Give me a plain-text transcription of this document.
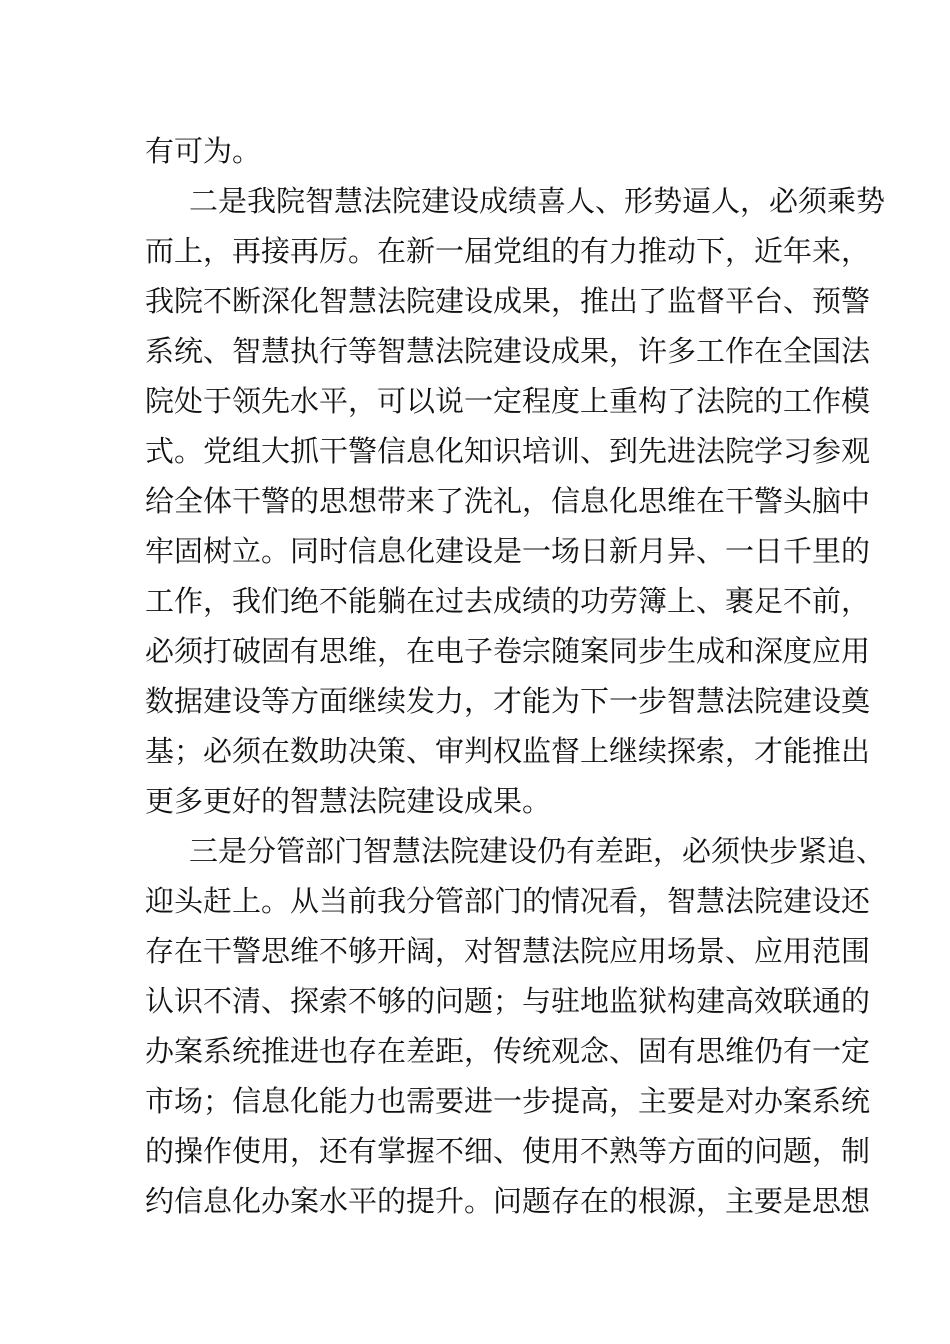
有可为。
二是我院智慧法院建设成绩喜人、形势逼人，必须乘势
而上，再接再厉。在新一届党组的有力推动下，近年来，
我院不断深化智慧法院建设成果，推出了监督平台、预警
系统、智慧执行等智慧法院建设成果，许多工作在全国法
院处于领先水平，可以说一定程度上重构了法院的工作模
式。党组大抓干警信息化知识培训、到先进法院学习参观
给全体干警的思想带来了洗礼，信息化思维在干警头脑中
牢固树立。同时信息化建设是一场日新月异、一日千里的
工作，我们绝不能躺在过去成绩的功劳簿上、裹足不前，
必须打破固有思维，在电子卷宗随案同步生成和深度应用
数据建设等方面继续发力，才能为下一步智慧法院建设奠
基；必须在数助决策、审判权监督上继续探索，才能推出
更多更好的智慧法院建设成果。
三是分管部门智慧法院建设仍有差距，必须快步紧追、
迎头赶上。从当前我分管部门的情况看，智慧法院建设还
存在干警思维不够开阔，对智慧法院应用场景、应用范围
认识不清、探索不够的问题；与驻地监狱构建高效联通的
办案系统推进也存在差距，传统观念、固有思维仍有一定
市场；信息化能力也需要进一步提高，主要是对办案系统
的操作使用，还有掌握不细、使用不熟等方面的问题，制
约信息化办案水平的提升。问题存在的根源，主要是思想
